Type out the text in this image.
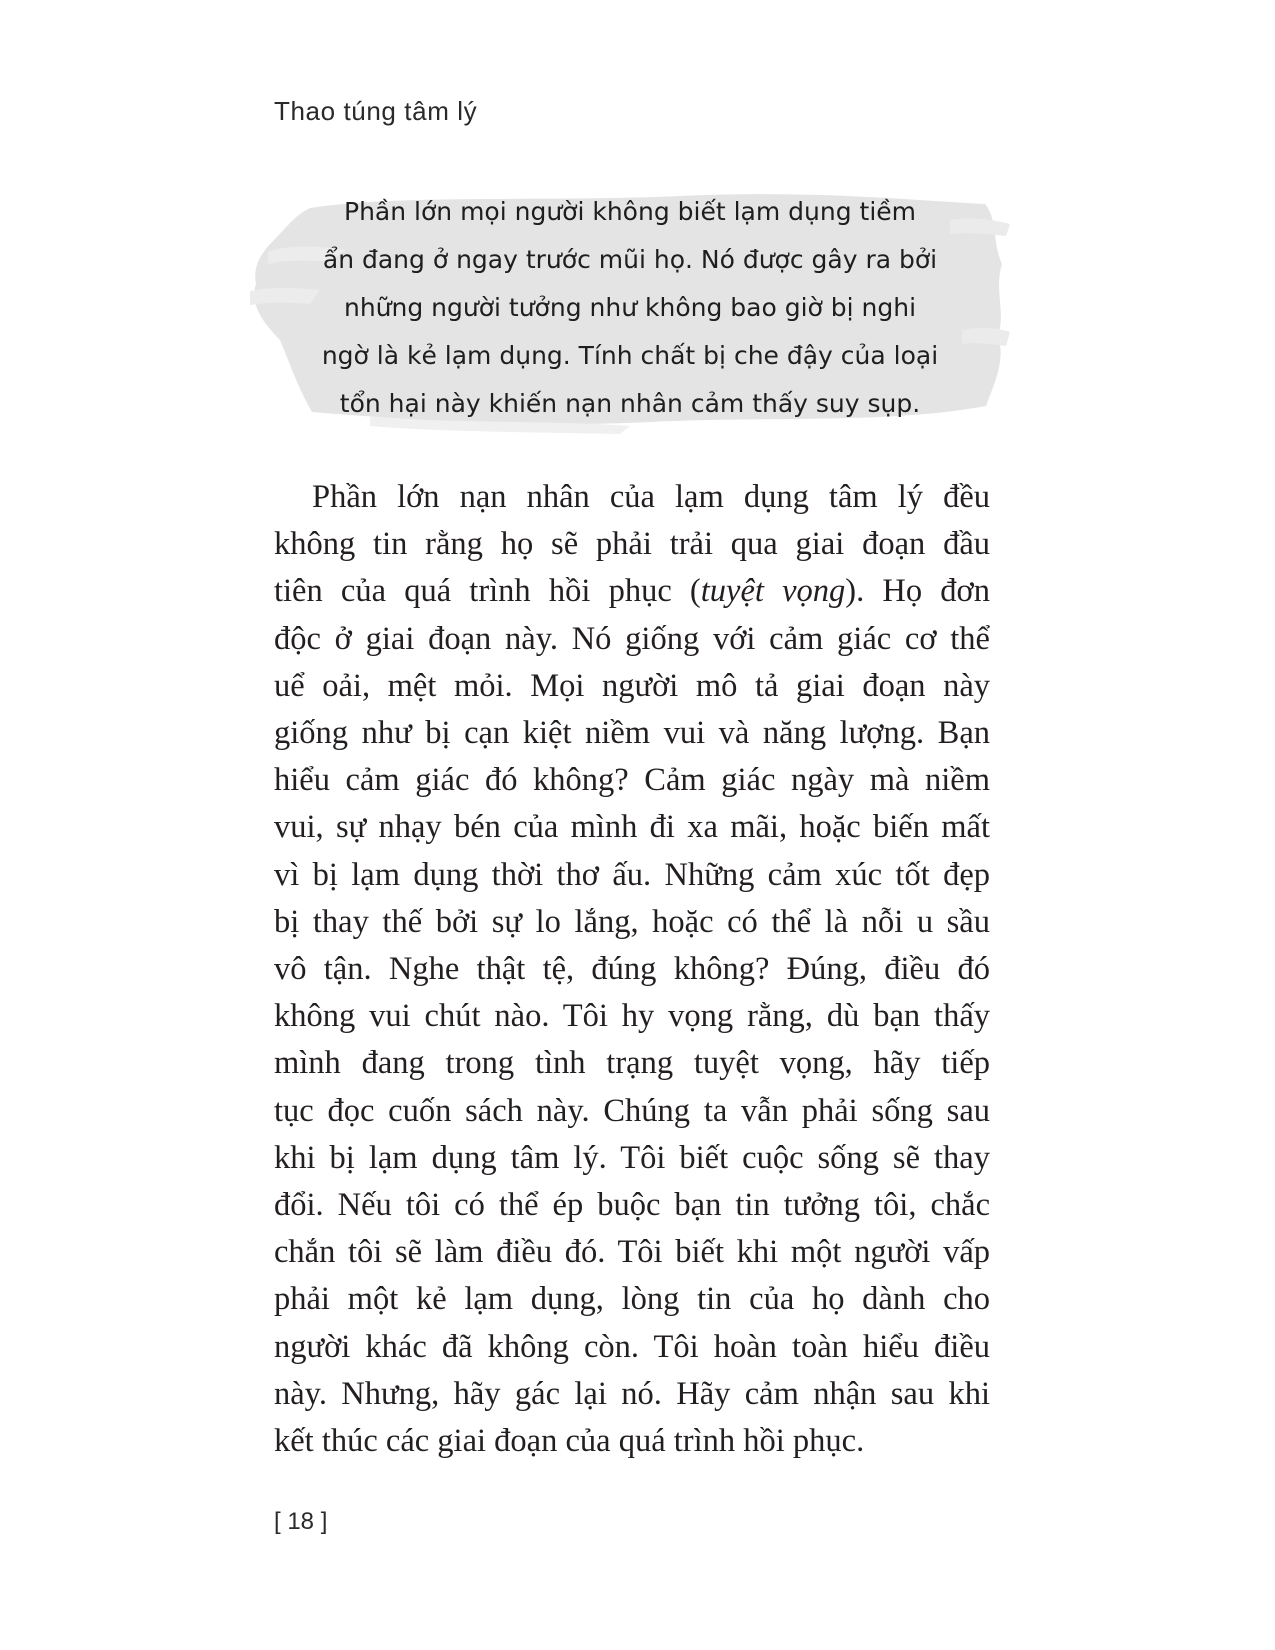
Thao túng tâm lý

Phần lớn mọi người không biết lạm dụng tiềm
ẩn đang ở ngay trước mũi họ. Nó được gây ra bởi
những người tưởng như không bao giờ bị nghi
ngờ là kẻ lạm dụng. Tính chất bị che đậy của loại
tổn hại này khiến nạn nhân cảm thấy suy sụp.

Phần lớn nạn nhân của lạm dụng tâm lý đều
không tin rằng họ sẽ phải trải qua giai đoạn đầu
tiên của quá trình hồi phục (tuyệt vọng). Họ đơn
độc ở giai đoạn này. Nó giống với cảm giác cơ thể
uể oải, mệt mỏi. Mọi người mô tả giai đoạn này
giống như bị cạn kiệt niềm vui và năng lượng. Bạn
hiểu cảm giác đó không? Cảm giác ngày mà niềm
vui, sự nhạy bén của mình đi xa mãi, hoặc biến mất
vì bị lạm dụng thời thơ ấu. Những cảm xúc tốt đẹp
bị thay thế bởi sự lo lắng, hoặc có thể là nỗi u sầu
vô tận. Nghe thật tệ, đúng không? Đúng, điều đó
không vui chút nào. Tôi hy vọng rằng, dù bạn thấy
mình đang trong tình trạng tuyệt vọng, hãy tiếp
tục đọc cuốn sách này. Chúng ta vẫn phải sống sau
khi bị lạm dụng tâm lý. Tôi biết cuộc sống sẽ thay
đổi. Nếu tôi có thể ép buộc bạn tin tưởng tôi, chắc
chắn tôi sẽ làm điều đó. Tôi biết khi một người vấp
phải một kẻ lạm dụng, lòng tin của họ dành cho
người khác đã không còn. Tôi hoàn toàn hiểu điều
này. Nhưng, hãy gác lại nó. Hãy cảm nhận sau khi
kết thúc các giai đoạn của quá trình hồi phục.

[ 18 ]
